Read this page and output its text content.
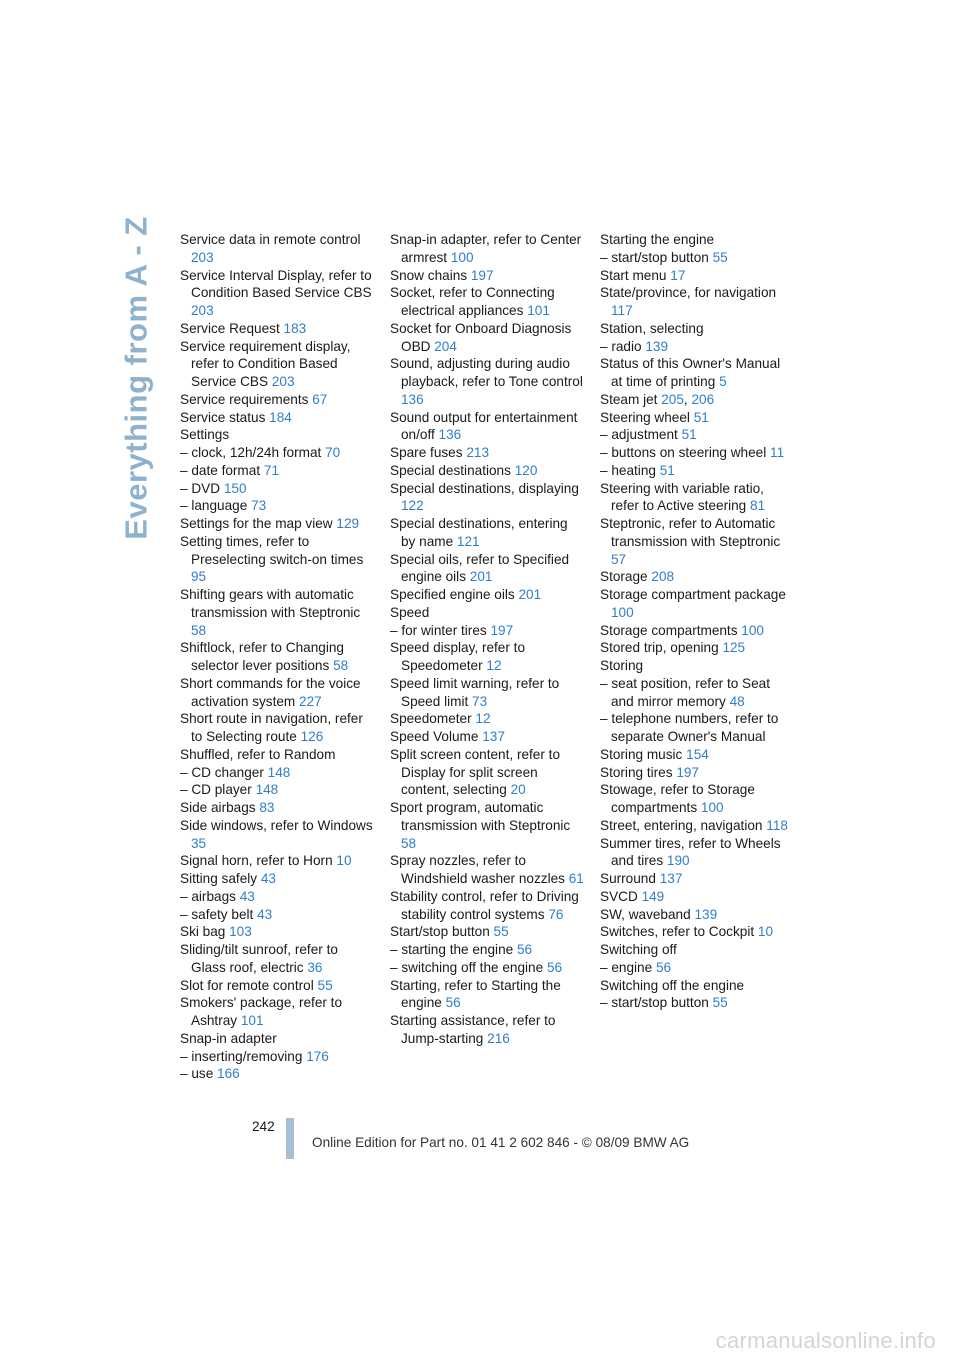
Everything from A - Z Service data in remote control 203
Service Interval Display, refer to Condition Based Service CBS 203
Service Request 183
Service requirement display, refer to Condition Based Service CBS 203
Service requirements 67
Service status 184
Settings
– clock, 12h/24h format 70
– date format 71
– DVD 150
– language 73
Settings for the map view 129
Setting times, refer to Preselecting switch-on times 95
Shifting gears with automatic transmission with Steptronic 58
Shiftlock, refer to Changing selector lever positions 58
Short commands for the voice activation system 227
Short route in navigation, refer to Selecting route 126
Shuffled, refer to Random
– CD changer 148
– CD player 148
Side airbags 83
Side windows, refer to Windows 35
Signal horn, refer to Horn 10
Sitting safely 43
– airbags 43
– safety belt 43
Ski bag 103
Sliding/tilt sunroof, refer to Glass roof, electric 36
Slot for remote control 55
Smokers' package, refer to Ashtray 101
Snap-in adapter
– inserting/removing 176
– use 166
Snap-in adapter, refer to Center armrest 100
Snow chains 197
Socket, refer to Connecting electrical appliances 101
Socket for Onboard Diagnosis OBD 204
Sound, adjusting during audio playback, refer to Tone control 136
Sound output for entertainment on/off 136
Spare fuses 213
Special destinations 120
Special destinations, displaying 122
Special destinations, entering by name 121
Special oils, refer to Specified engine oils 201
Specified engine oils 201
Speed
– for winter tires 197
Speed display, refer to Speedometer 12
Speed limit warning, refer to Speed limit 73
Speedometer 12
Speed Volume 137
Split screen content, refer to Display for split screen content, selecting 20
Sport program, automatic transmission with Steptronic 58
Spray nozzles, refer to Windshield washer nozzles 61
Stability control, refer to Driving stability control systems 76
Start/stop button 55
– starting the engine 56
– switching off the engine 56
Starting, refer to Starting the engine 56
Starting assistance, refer to Jump-starting 216
Starting the engine
– start/stop button 55
Start menu 17
State/province, for navigation 117
Station, selecting
– radio 139
Status of this Owner's Manual at time of printing 5
Steam jet 205, 206
Steering wheel 51
– adjustment 51
– buttons on steering wheel 11
– heating 51
Steering with variable ratio, refer to Active steering 81
Steptronic, refer to Automatic transmission with Steptronic 57
Storage 208
Storage compartment package 100
Storage compartments 100
Stored trip, opening 125
Storing
– seat position, refer to Seat and mirror memory 48
– telephone numbers, refer to separate Owner's Manual
Storing music 154
Storing tires 197
Stowage, refer to Storage compartments 100
Street, entering, navigation 118
Summer tires, refer to Wheels and tires 190
Surround 137
SVCD 149
SW, waveband 139
Switches, refer to Cockpit 10
Switching off
– engine 56
Switching off the engine
– start/stop button 55
242
Online Edition for Part no. 01 41 2 602 846 - © 08/09 BMW AG
carmanualsonline.info
